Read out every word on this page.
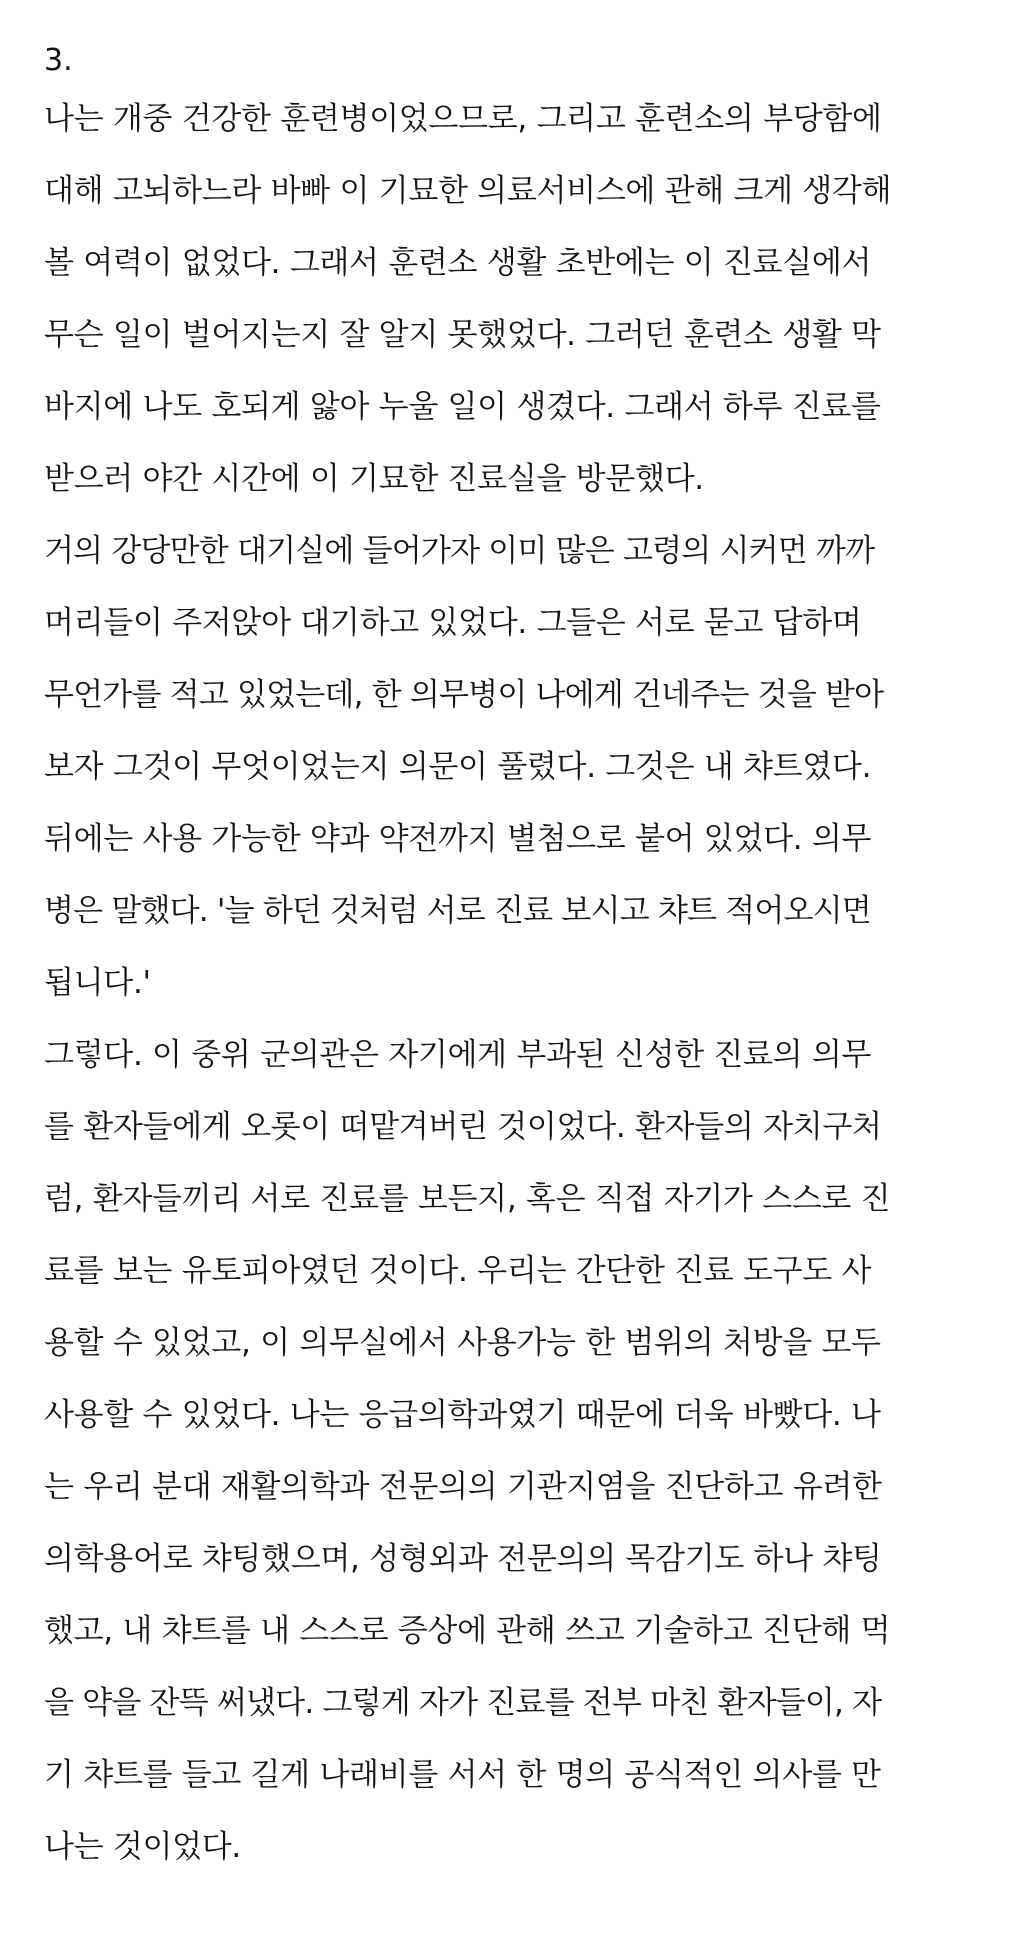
3.
나는 개중 건강한 훈련병이었으므로, 그리고 훈련소의 부당함에
대해 고뇌하느라 바빠 이 기묘한 의료서비스에 관해 크게 생각해
볼 여력이 없었다. 그래서 훈련소 생활 초반에는 이 진료실에서
무슨 일이 벌어지는지 잘 알지 못했었다. 그러던 훈련소 생활 막
바지에 나도 호되게 앓아 누울 일이 생겼다. 그래서 하루 진료를
받으러 야간 시간에 이 기묘한 진료실을 방문했다.
거의 강당만한 대기실에 들어가자 이미 많은 고령의 시커먼 까까
머리들이 주저앉아 대기하고 있었다. 그들은 서로 묻고 답하며
무언가를 적고 있었는데, 한 의무병이 나에게 건네주는 것을 받아
보자 그것이 무엇이었는지 의문이 풀렸다. 그것은 내 챠트였다.
뒤에는 사용 가능한 약과 약전까지 별첨으로 붙어 있었다. 의무
병은 말했다. '늘 하던 것처럼 서로 진료 보시고 챠트 적어오시면
됩니다.'
그렇다. 이 중위 군의관은 자기에게 부과된 신성한 진료의 의무
를 환자들에게 오롯이 떠맡겨버린 것이었다. 환자들의 자치구처
럼, 환자들끼리 서로 진료를 보든지, 혹은 직접 자기가 스스로 진
료를 보는 유토피아였던 것이다. 우리는 간단한 진료 도구도 사
용할 수 있었고, 이 의무실에서 사용가능 한 범위의 처방을 모두
사용할 수 있었다. 나는 응급의학과였기 때문에 더욱 바빴다. 나
는 우리 분대 재활의학과 전문의의 기관지염을 진단하고 유려한
의학용어로 챠팅했으며, 성형외과 전문의의 목감기도 하나 챠팅
했고, 내 챠트를 내 스스로 증상에 관해 쓰고 기술하고 진단해 먹
을 약을 잔뜩 써냈다. 그렇게 자가 진료를 전부 마친 환자들이, 자
기 챠트를 들고 길게 나래비를 서서 한 명의 공식적인 의사를 만
나는 것이었다.
